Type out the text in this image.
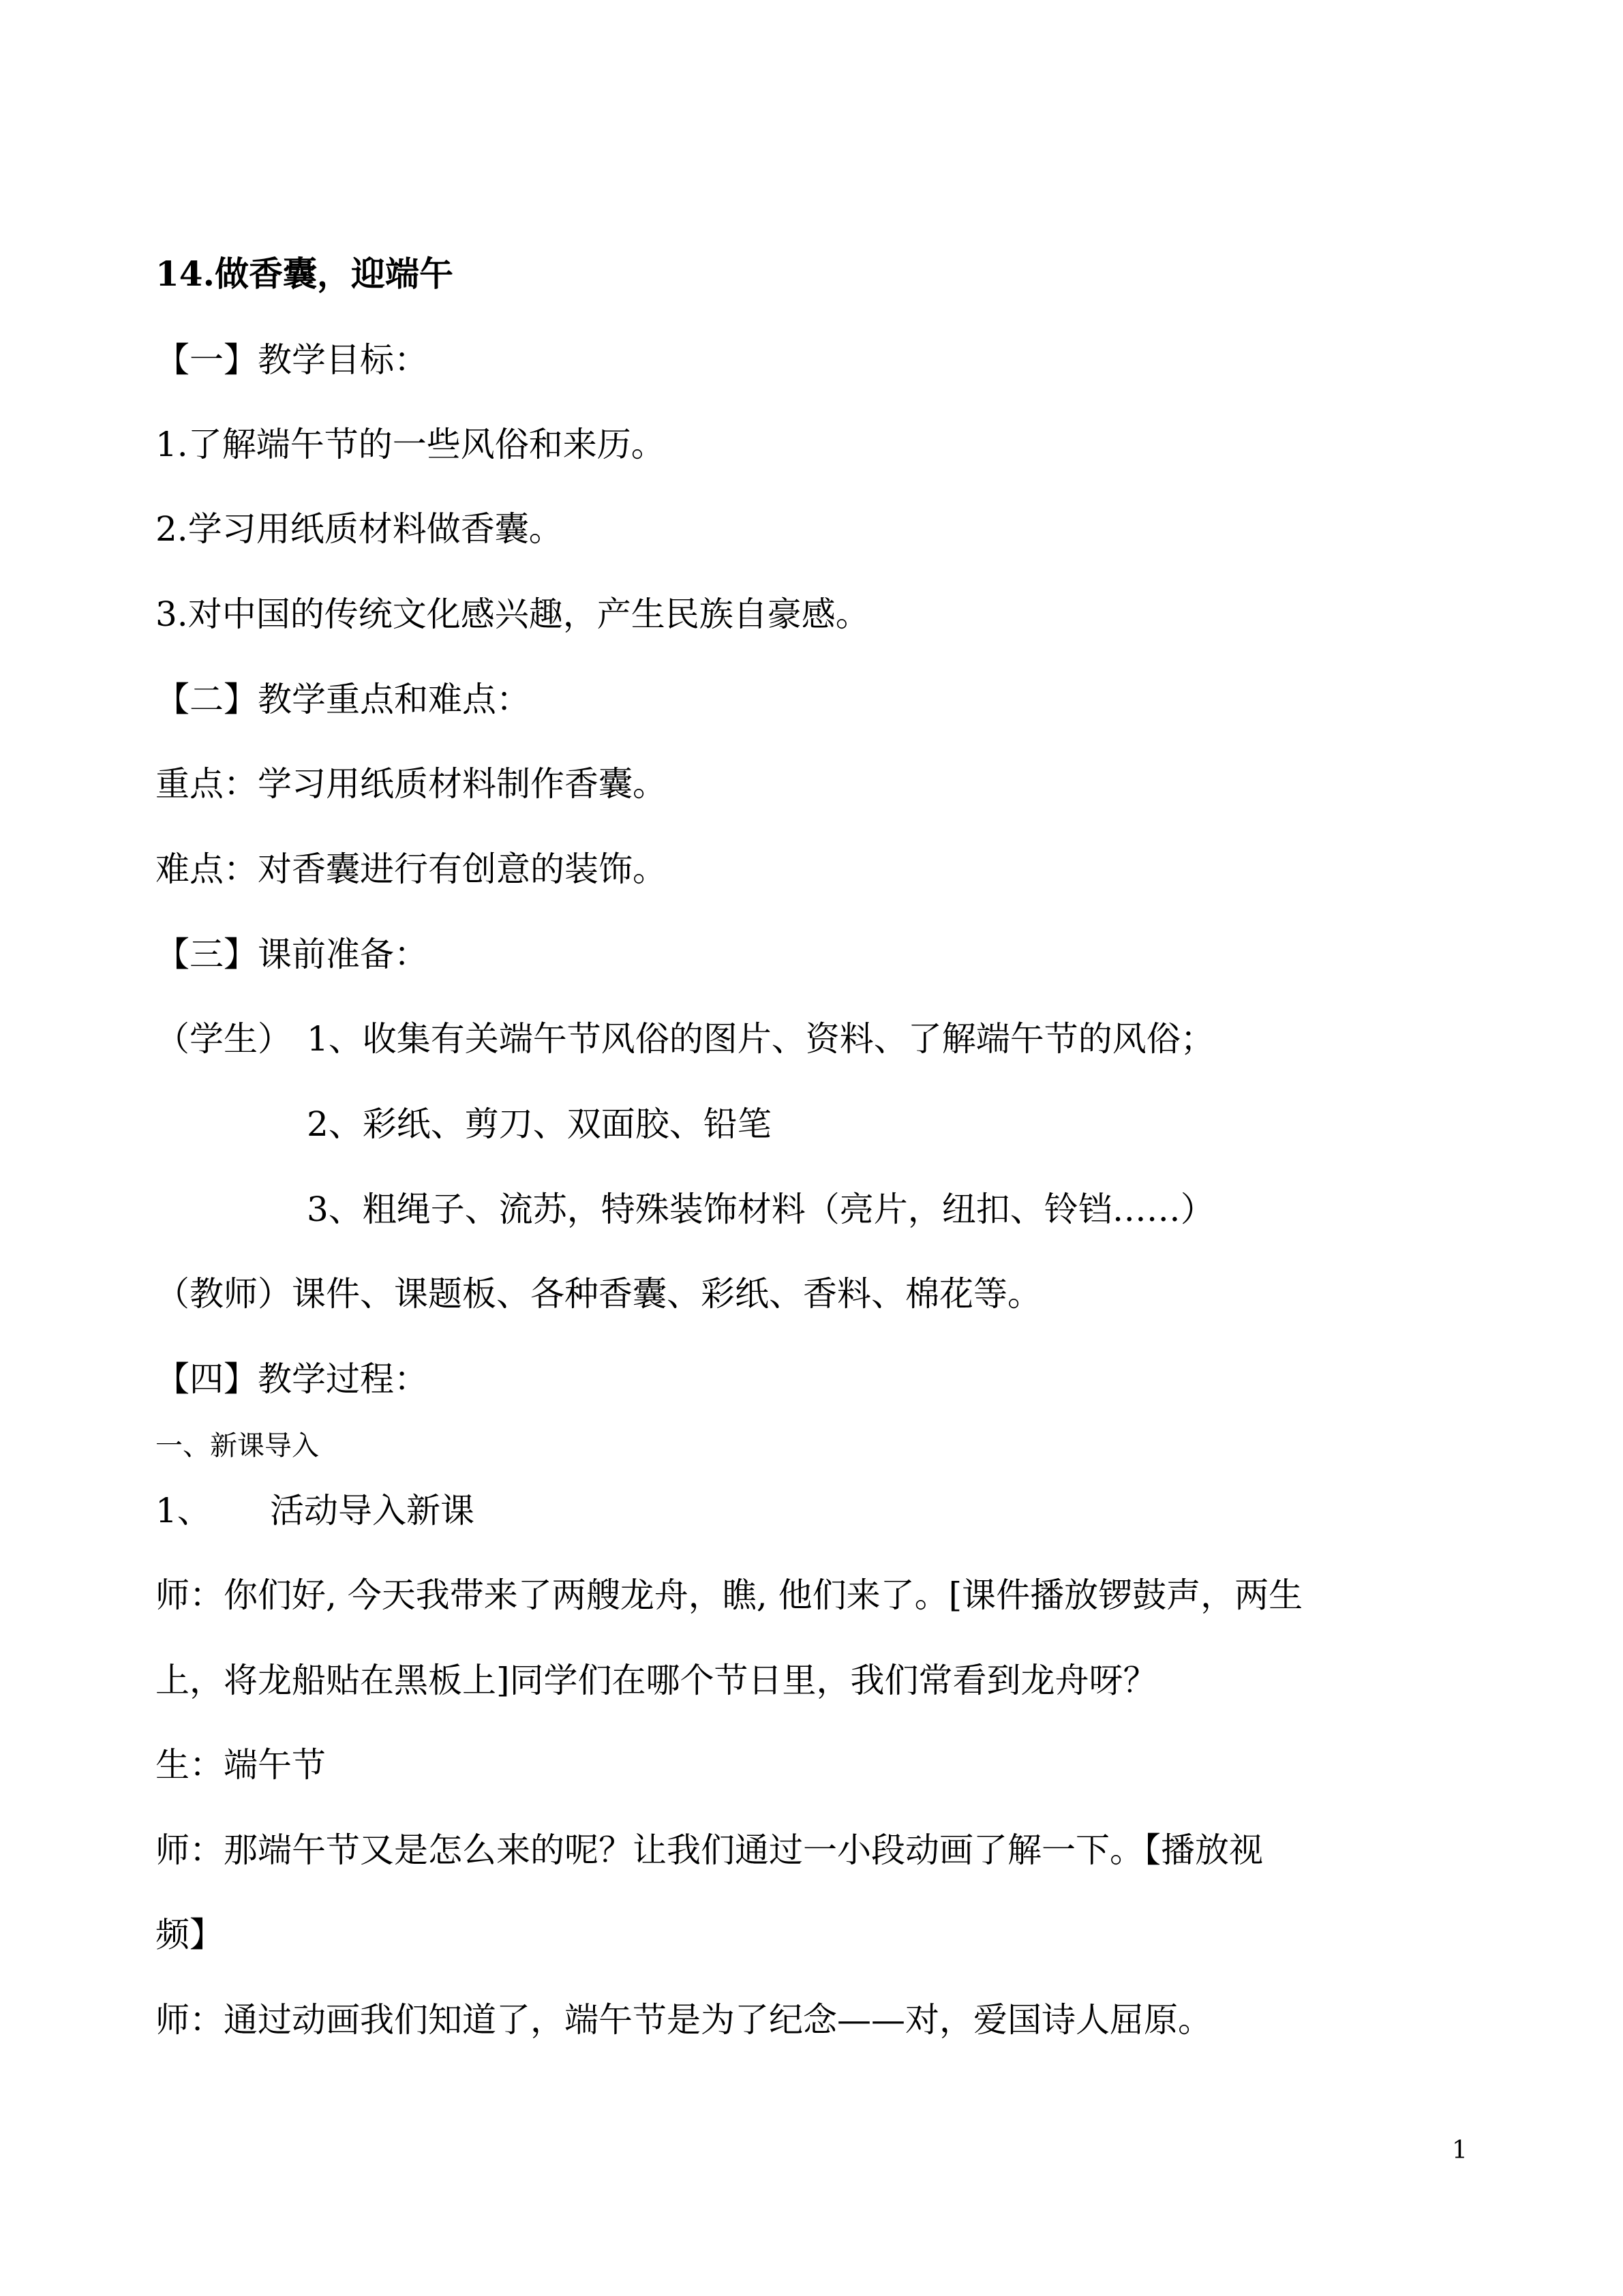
14.做香囊，迎端午
【一】教学目标：
1.了解端午节的一些风俗和来历。
2.学习用纸质材料做香囊。
3.对中国的传统文化感兴趣，产生民族自豪感。
【二】教学重点和难点：
重点：学习用纸质材料制作香囊。
难点：对香囊进行有创意的装饰。
【三】课前准备：
（学生） 1、收集有关端午节风俗的图片、资料、了解端午节的风俗；
2、彩纸、剪刀、双面胶、铅笔
3、粗绳子、流苏，特殊装饰材料（亮片，纽扣、铃铛……）
（教师）课件、课题板、各种香囊、彩纸、香料、棉花等。
【四】教学过程：
一、新课导入
1、 活动导入新课
师：你们好, 今天我带来了两艘龙舟，瞧, 他们来了。[课件播放锣鼓声，两生
上，将龙船贴在黑板上]同学们在哪个节日里，我们常看到龙舟呀？
生：端午节
师：那端午节又是怎么来的呢？让我们通过一小段动画了解一下。【播放视
频】
师：通过动画我们知道了，端午节是为了纪念——对，爱国诗人屈原。
1
